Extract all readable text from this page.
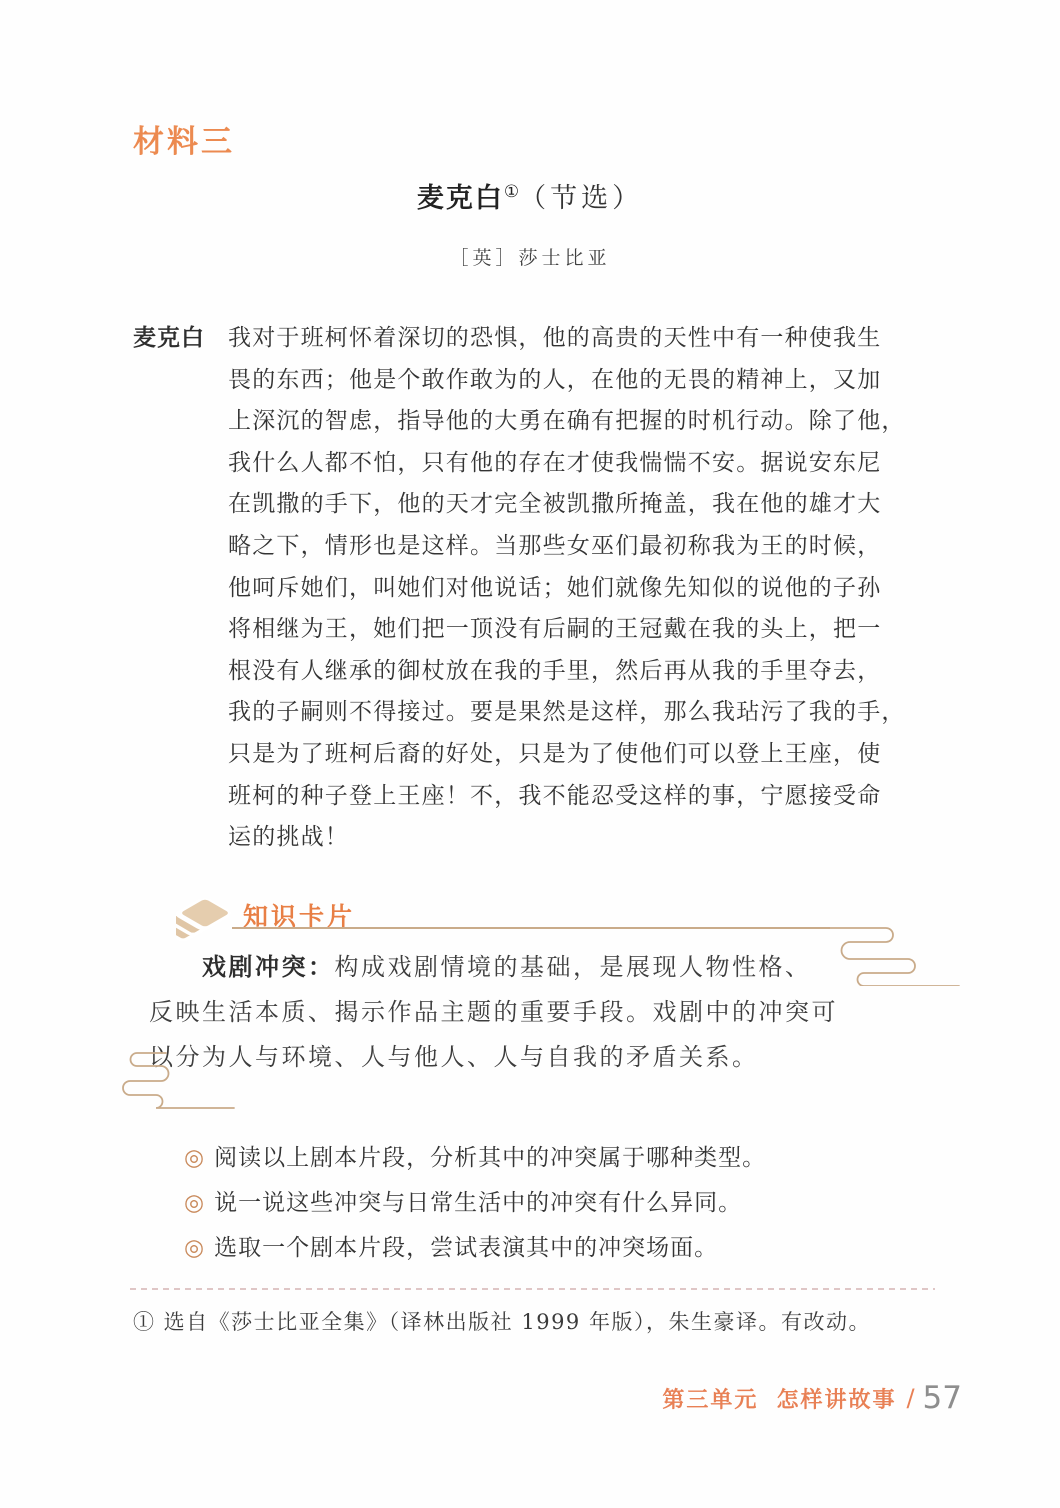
材料三
麦克白①（节选）
［英］莎士比亚
麦克白	我对于班柯怀着深切的恐惧，他的高贵的天性中有一种使我生
畏的东西；他是个敢作敢为的人，在他的无畏的精神上，又加
上深沉的智虑，指导他的大勇在确有把握的时机行动。除了他，
我什么人都不怕，只有他的存在才使我惴惴不安。据说安东尼
在凯撒的手下，他的天才完全被凯撒所掩盖，我在他的雄才大
略之下，情形也是这样。当那些女巫们最初称我为王的时候，
他呵斥她们，叫她们对他说话；她们就像先知似的说他的子孙
将相继为王，她们把一顶没有后嗣的王冠戴在我的头上，把一
根没有人继承的御杖放在我的手里，然后再从我的手里夺去，
我的子嗣则不得接过。要是果然是这样，那么我玷污了我的手，
只是为了班柯后裔的好处，只是为了使他们可以登上王座，使
班柯的种子登上王座！不，我不能忍受这样的事，宁愿接受命
运的挑战！
知识卡片
戏剧冲突：构成戏剧情境的基础，是展现人物性格、
反映生活本质、揭示作品主题的重要手段。戏剧中的冲突可
以分为人与环境、人与他人、人与自我的矛盾关系。
◎ 阅读以上剧本片段，分析其中的冲突属于哪种类型。
◎ 说一说这些冲突与日常生活中的冲突有什么异同。
◎ 选取一个剧本片段，尝试表演其中的冲突场面。
① 选自《莎士比亚全集》（译林出版社 1999 年版），朱生豪译。有改动。
第三单元 怎样讲故事 / 57
